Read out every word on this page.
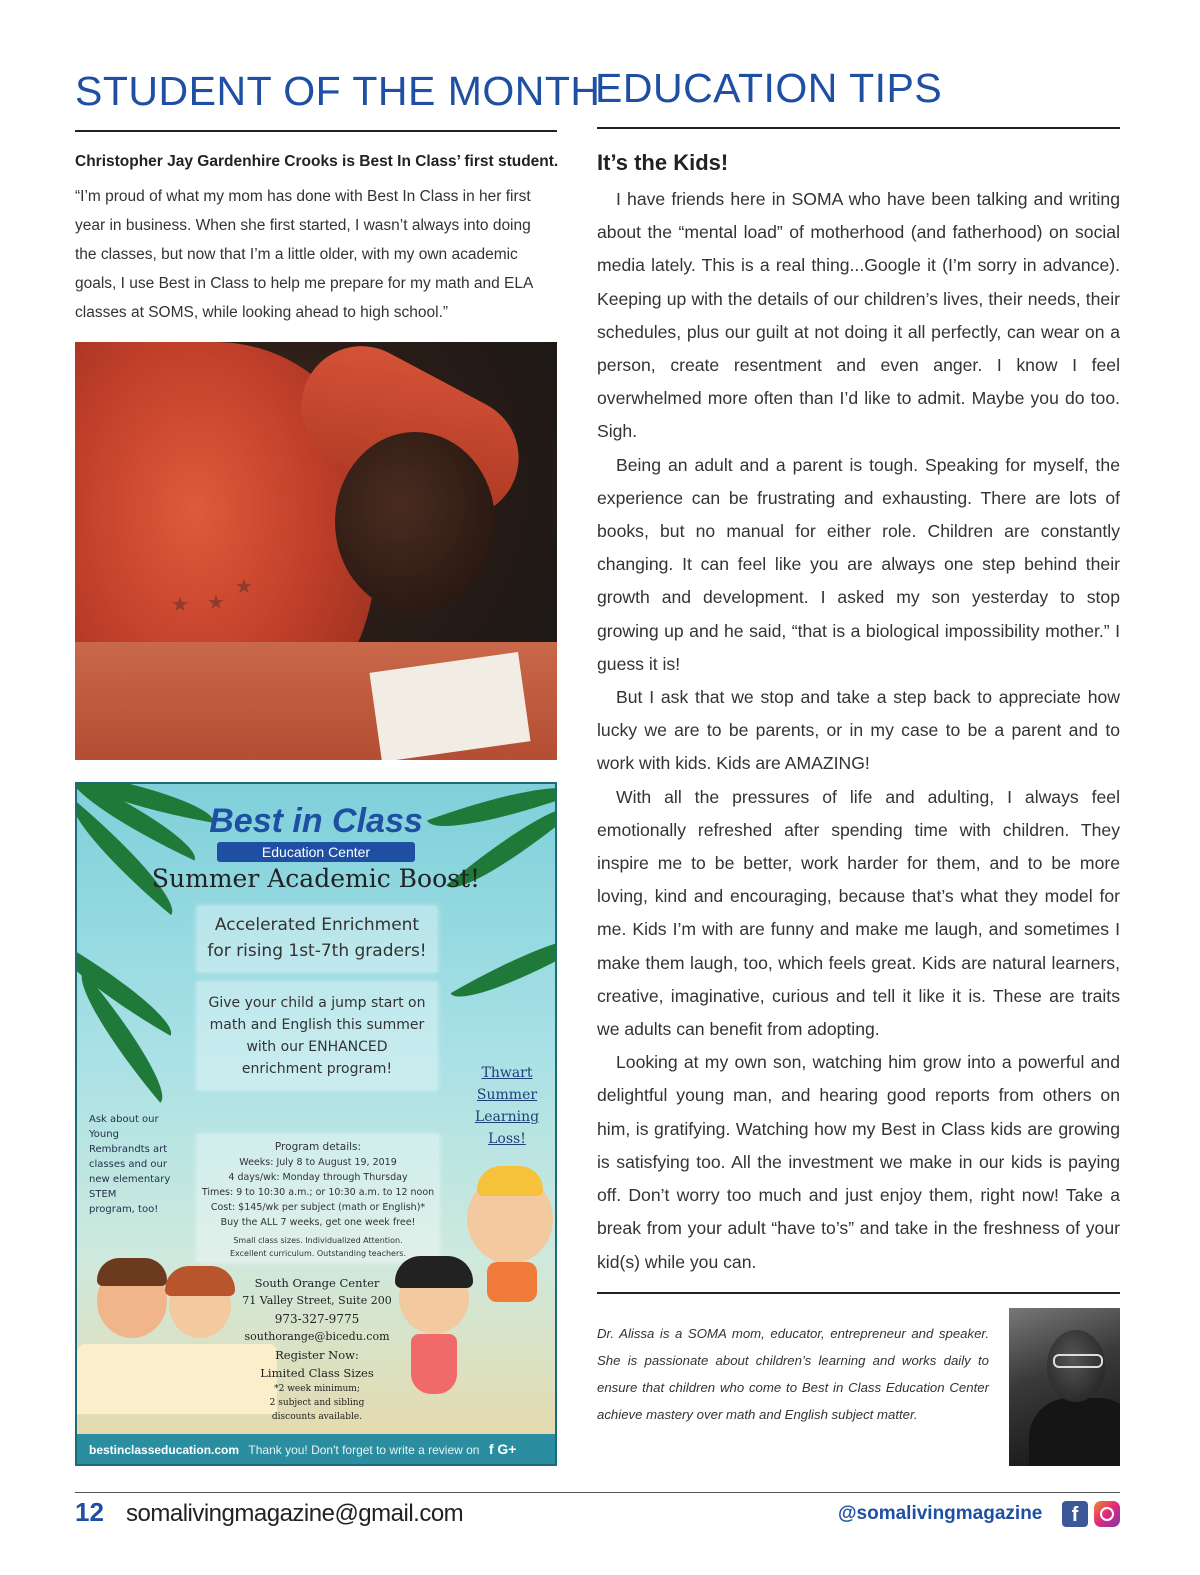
STUDENT OF THE MONTH
Christopher Jay Gardenhire Crooks is Best In Class’ first student.
“I’m proud of what my mom has done with Best In Class in her first
year in business. When she first started, I wasn’t always into doing
the classes, but now that I’m a little older, with my own academic
goals, I use Best in Class to help me prepare for my math and ELA
classes at SOMS, while looking ahead to high school.”
★
★
★
Best in Class
Education Center
Summer Academic Boost!
Accelerated Enrichment
for rising 1st-7th graders!
Give your child a jump start on
math and English this summer
with our ENHANCED
enrichment program!	Thwart
Summer
Learning
Loss!
Ask about our
Young
Rembrandts art
classes and our
new elementary
STEM
program, too!
Program details:
Weeks: July 8 to August 19, 2019
4 days/wk: Monday through Thursday
Times: 9 to 10:30 a.m.; or 10:30 a.m. to 12 noon
Cost: $145/wk per subject (math or English)*
Buy the ALL 7 weeks, get one week free!
Small class sizes. Individualized Attention.
Excellent curriculum. Outstanding teachers.
South Orange Center
71 Valley Street, Suite 200
973-327-9775
southorange@bicedu.com
Register Now:
Limited Class Sizes
*2 week minimum;
2 subject and sibling
discounts available.
bestinclasseducation.com Thank you! Don't forget to write a review on f G+
EDUCATION TIPS
It’s the Kids!

I have friends here in SOMA who have been talking and writing about the “mental load” of motherhood (and fatherhood) on social media lately. This is a real thing...Google it (I’m sorry in advance). Keeping up with the details of our children’s lives, their needs, their schedules, plus our guilt at not doing it all perfectly, can wear on a person, create resentment and even anger. I know I feel overwhelmed more often than I’d like to admit. Maybe you do too. Sigh.

Being an adult and a parent is tough. Speaking for myself, the experience can be frustrating and exhausting. There are lots of books, but no manual for either role. Children are constantly changing. It can feel like you are always one step behind their growth and development. I asked my son yesterday to stop growing up and he said, “that is a biological impossibility mother.” I guess it is!

But I ask that we stop and take a step back to appreciate how lucky we are to be parents, or in my case to be a parent and to work with kids. Kids are AMAZING!

With all the pressures of life and adulting, I always feel emotionally refreshed after spending time with children. They inspire me to be better, work harder for them, and to be more loving, kind and encouraging, because that’s what they model for me. Kids I’m with are funny and make me laugh, and sometimes I make them laugh, too, which feels great. Kids are natural learners, creative, imaginative, curious and tell it like it is. These are traits we adults can benefit from adopting.

Looking at my own son, watching him grow into a powerful and delightful young man, and hearing good reports from others on him, is gratifying. Watching how my Best in Class kids are growing is satisfying too. All the investment we make in our kids is paying off. Don’t worry too much and just enjoy them, right now! Take a break from your adult “have to’s” and take in the freshness of your kid(s) while you can.

Dr. Alissa is a SOMA mom, educator, entrepreneur and speaker. She is passionate about children’s learning and works daily to ensure that children who come to Best in Class Education Center achieve mastery over math and English subject matter.
12 somalivingmagazine@gmail.com	@somalivingmagazine	f
